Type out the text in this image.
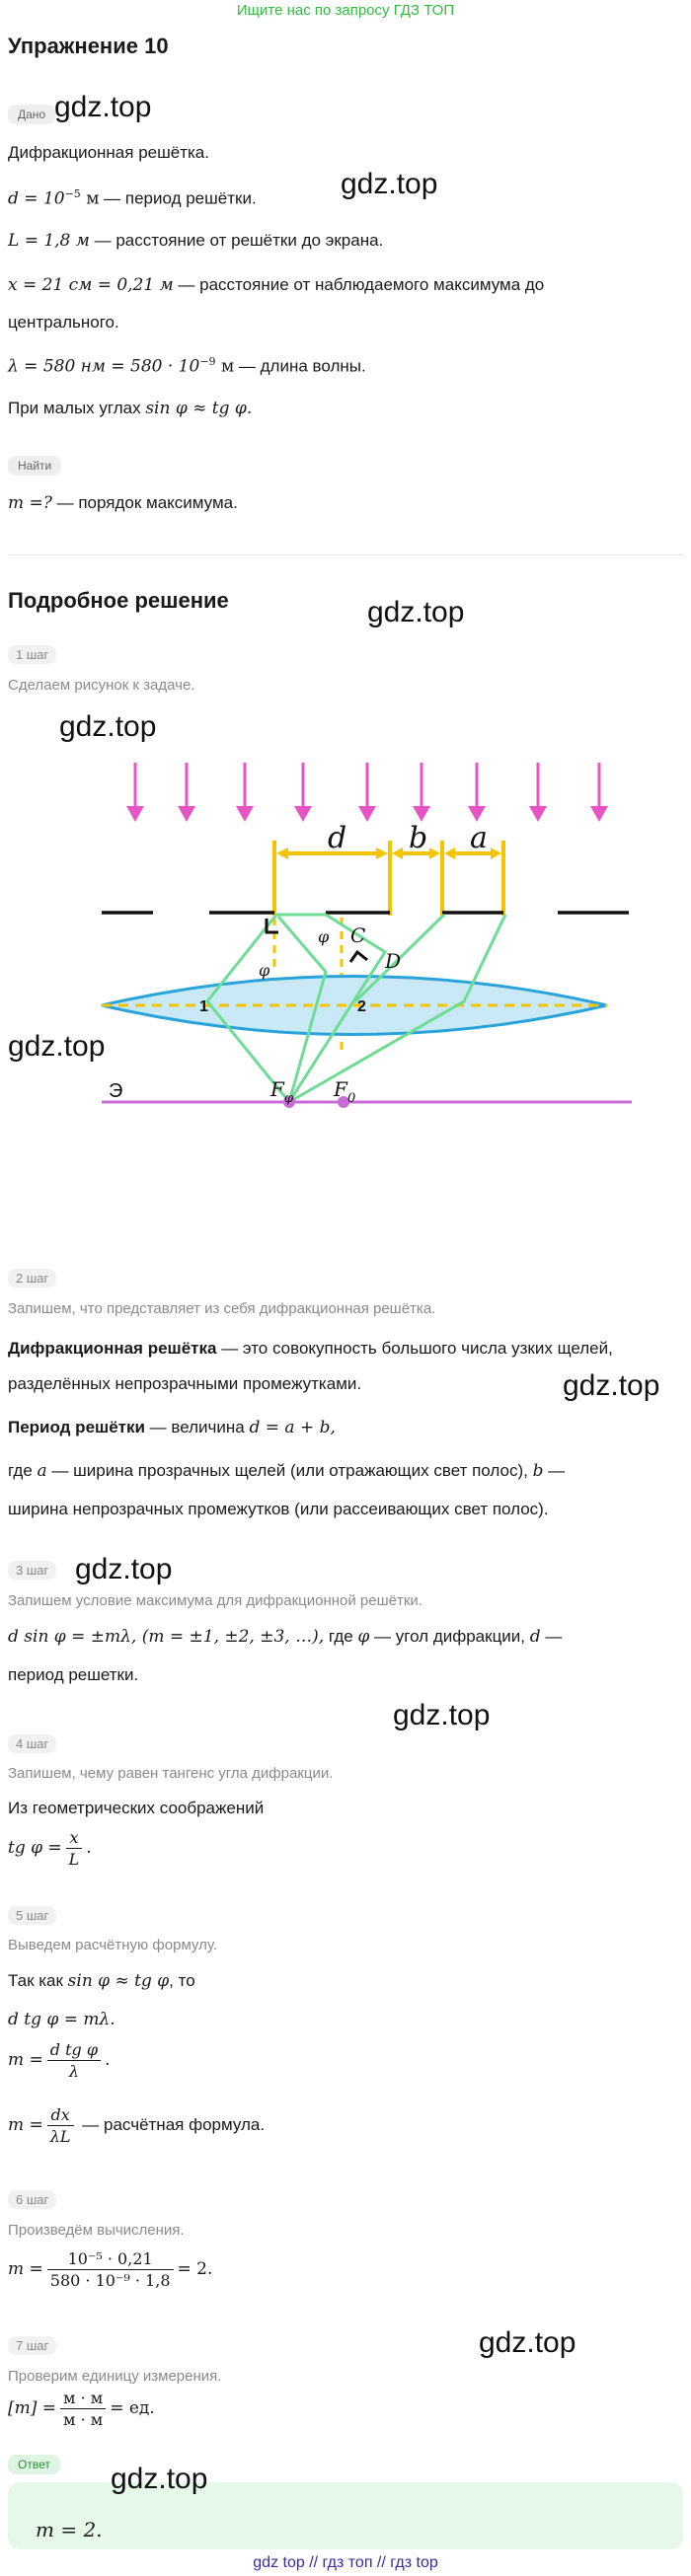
Ищите нас по запросу ГДЗ ТОП
Упражнение 10
Дано gdz.top
Дифракционная решётка.
gdz.top
$d = 10^{-5}$ м — период решётки.
L = 1,8 м — расстояние от решётки до экрана.
x = 21 см = 0,21 м — расстояние от наблюдаемого максимума до
центрального.
λ = 580 нм = $580 \cdot 10^{-9}$ м — длина волны.
При малых углах sin φ ≈ tg φ.
Найти
m =? — порядок максимума.
Подробное решение	gdz.top
1 шаг
Сделаем рисунок к задаче.
gdz.top
d b a
C
D
φ
φ
F φ F 0
1	2
Э
gdz.top
2 шаг
Запишем, что представляет из себя дифракционная решётка.
Дифракционная решётка — это совокупность большого числа узких щелей,
разделённых непрозрачными промежутками.	gdz.top
Период решётки — величина d = a + b,
где a — ширина прозрачных щелей (или отражающих свет полос), b —
ширина непрозрачных промежутков (или рассеивающих свет полос).
3 шаг gdz.top
Запишем условие максимума для дифракционной решётки.
d sin φ = ±mλ, (m = ±1, ±2, ±3, …), где φ — угол дифракции, d —
период решетки.
gdz.top
4 шаг
Запишем, чему равен тангенс угла дифракции.
Из геометрических соображений
tg $\varphi = \frac{x}{L}$ .
5 шаг
Выведем расчётную формулу.
Так как sin φ ≈ tg φ, то
d tg φ = mλ.
$m = \frac{\text{d tg φ}}{\lambda}$ .
$m = \frac{dx}{\lambda L}$ — расчётная формула.
6 шаг
Произведём вычисления.
$m = \frac{\text{10⁻⁵ · 0,21}}{\text{580 · 10⁻⁹ · 1,8}} = 2$.
gdz.top
7 шаг
Проверим единицу измерения.
$[m] = \frac{м \cdot м}{м \cdot м}$ = ед.
Ответ	gdz.top
m = 2.
gdz top // гдз топ // гдз top
